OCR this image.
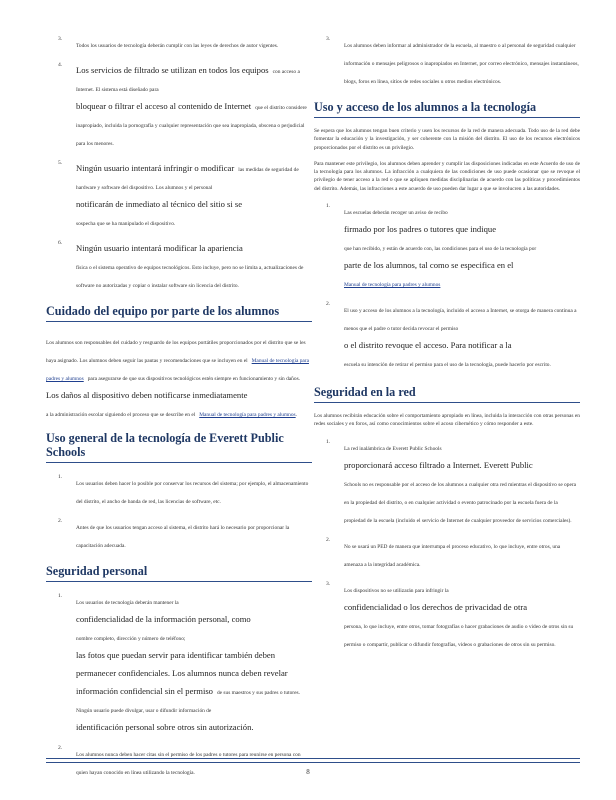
3.
Todos los usuarios de tecnología deberán cumplir con las leyes de derechos de autor vigentes.
4.	Los servicios de filtrado se utilizan en todos los equipos con acceso a Internet. El sistema está diseñado para
bloquear o filtrar el acceso al contenido de Internet que el distrito considere inapropiado, incluida la pornografía y cualquier representación que sea inapropiada, obscena o perjudicial para los menores.
5.	Ningún usuario intentará infringir o modificar las medidas de seguridad de hardware y software del dispositivo. Los alumnos y el personal
notificarán de inmediato al técnico del sitio si se
sospecha que se ha manipulado el dispositivo.
6.	Ningún usuario intentará modificar la apariencia
física o el sistema operativo de equipos tecnológicos. Esto incluye, pero no se limita a, actualizaciones de software no autorizadas y copiar o instalar software sin licencia del distrito.
Cuidado del equipo por parte de los alumnos
Los alumnos son responsables del cuidado y resguardo de los equipos portátiles proporcionados por el distrito que se les haya asignado. Los alumnos deben seguir las pautas y recomendaciones que se incluyen en el Manual de tecnología para padres y alumnos para asegurarse de que sus dispositivos tecnológicos estén siempre en funcionamiento y sin daños.
Los daños al dispositivo deben notificarse inmediatamente
a la administración escolar siguiendo el proceso que se describe en el Manual de tecnología para padres y alumnos.
Uso general de la tecnología de Everett Public Schools
1.
Los usuarios deben hacer lo posible por conservar los recursos del sistema; por ejemplo, el almacenamiento del distrito, el ancho de banda de red, las licencias de software, etc.
2.
Antes de que los usuarios tengan acceso al sistema, el distrito hará lo necesario por proporcionar la capacitación adecuada.
Seguridad personal
1.
Los usuarios de tecnología deberán mantener la
confidencialidad de la información personal, como
nombre completo, dirección y número de teléfono;
las fotos que puedan servir para identificar también deben permanecer confidenciales. Los alumnos nunca deben revelar información confidencial sin el permiso de sus maestros y sus padres o tutores. Ningún usuario puede divulgar, usar o difundir información de
identificación personal sobre otros sin autorización.
2.
Los alumnos nunca deben hacer citas sin el permiso de los padres o tutores para reunirse en persona con quien hayan conocido en línea utilizando la tecnología.
3.
Los alumnos deben informar al administrador de la escuela, al maestro o al personal de seguridad cualquier información o mensajes peligrosos o inapropiados en Internet, por correo electrónico, mensajes instantáneos, blogs, foros en línea, sitios de redes sociales u otros medios electrónicos.
Uso y acceso de los alumnos a la tecnología
Se espera que los alumnos tengan buen criterio y usen los recursos de la red de manera adecuada. Todo uso de la red debe fomentar la educación y la investigación, y ser coherente con la misión del distrito. El uso de los recursos electrónicos proporcionados por el distrito es un privilegio.
Para mantener este privilegio, los alumnos deben aprender y cumplir las disposiciones indicadas en este Acuerdo de uso de la tecnología para los alumnos. La infracción a cualquiera de las condiciones de uso puede ocasionar que se revoque el privilegio de tener acceso a la red o que se apliquen medidas disciplinarias de acuerdo con las políticas y procedimientos del distrito. Además, las infracciones a este acuerdo de uso pueden dar lugar a que se involucren a las autoridades.
1.
Las escuelas deberán recoger un aviso de recibo
firmado por los padres o tutores que indique
que han recibido, y están de acuerdo con, las condiciones para el uso de la tecnología por
parte de los alumnos, tal como se especifica en el
Manual de tecnología para padres y alumnos
2.
El uso y acceso de los alumnos a la tecnología, incluido el acceso a Internet, se otorga de manera continua a menos que el padre o tutor decida revocar el permiso
o el distrito revoque el acceso. Para notificar a la
escuela su intención de retirar el permiso para el uso de la tecnología, puede hacerlo por escrito.
Seguridad en la red
Los alumnos recibirán educación sobre el comportamiento apropiado en línea, incluida la interacción con otras personas en redes sociales y en foros, así como conocimientos sobre el acoso cibernético y cómo responder a este.
1.
La red inalámbrica de Everett Public Schools
proporcionará acceso filtrado a Internet. Everett Public
Schools no es responsable por el acceso de los alumnos a cualquier otra red mientras el dispositivo se opera en la propiedad del distrito, o en cualquier actividad o evento patrocinado por la escuela fuera de la propiedad de la escuela (incluido el servicio de Internet de cualquier proveedor de servicios comerciales).
2.
No se usará un PED de manera que interrumpa el proceso educativo, lo que incluye, entre otros, una amenaza a la integridad académica.
3.
Los dispositivos no se utilizarán para infringir la
confidencialidad o los derechos de privacidad de otra
persona, lo que incluye, entre otros, tomar fotografías o hacer grabaciones de audio o video de otros sin su permiso o compartir, publicar o difundir fotografías, videos o grabaciones de otros sin su permiso.
8
